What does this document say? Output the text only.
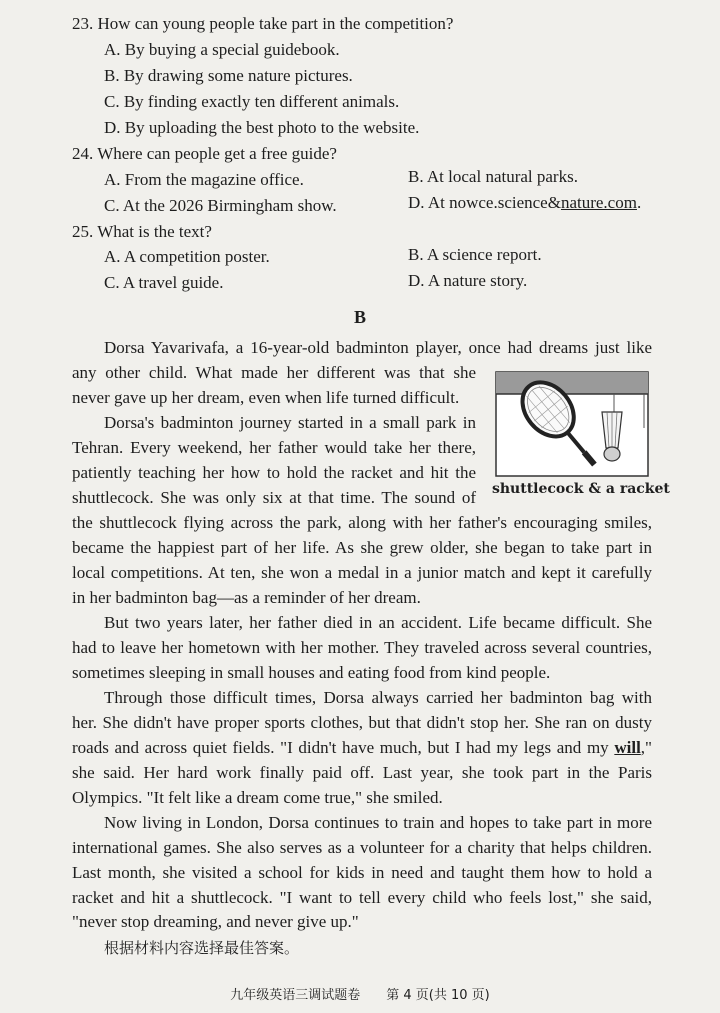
23. How can young people take part in the competition?
A. By buying a special guidebook.
B. By drawing some nature pictures.
C. By finding exactly ten different animals.
D. By uploading the best photo to the website.
24. Where can people get a free guide?
A. From the magazine office.	B. At local natural parks.
C. At the 2026 Birmingham show.	D. At nowce.science&nature.com.
25. What is the text?
A. A competition poster.	B. A science report.
C. A travel guide.	D. A nature story.
B
Dorsa Yavarivafa, a 16-year-old badminton player, once had dreams just like
any other child. What made her different was that she
never gave up her dream, even when life turned difficult.
Dorsa's badminton journey started in a small park in
Tehran. Every weekend, her father would take her there,
patiently teaching her how to hold the racket and hit the
shuttlecock. She was only six at that time. The sound of shuttlecock & a racket
the shuttlecock flying across the park, along with her father's encouraging smiles,
became the happiest part of her life. As she grew older, she began to take part in
local competitions. At ten, she won a medal in a junior match and kept it carefully
in her badminton bag—as a reminder of her dream.
But two years later, her father died in an accident. Life became difficult. She
had to leave her hometown with her mother. They traveled across several countries,
sometimes sleeping in small houses and eating food from kind people.
Through those difficult times, Dorsa always carried her badminton bag with
her. She didn't have proper sports clothes, but that didn't stop her. She ran on dusty
roads and across quiet fields. "I didn't have much, but I had my legs and my will,"
she said. Her hard work finally paid off. Last year, she took part in the Paris
Olympics. "It felt like a dream come true," she smiled.
Now living in London, Dorsa continues to train and hopes to take part in more
international games. She also serves as a volunteer for a charity that helps children.
Last month, she visited a school for kids in need and taught them how to hold a
racket and hit a shuttlecock. "I want to tell every child who feels lost," she said,
"never stop dreaming, and never give up."
根据材料内容选择最佳答案。
九年级英语三调试题卷　　第 4 页(共 10 页)
